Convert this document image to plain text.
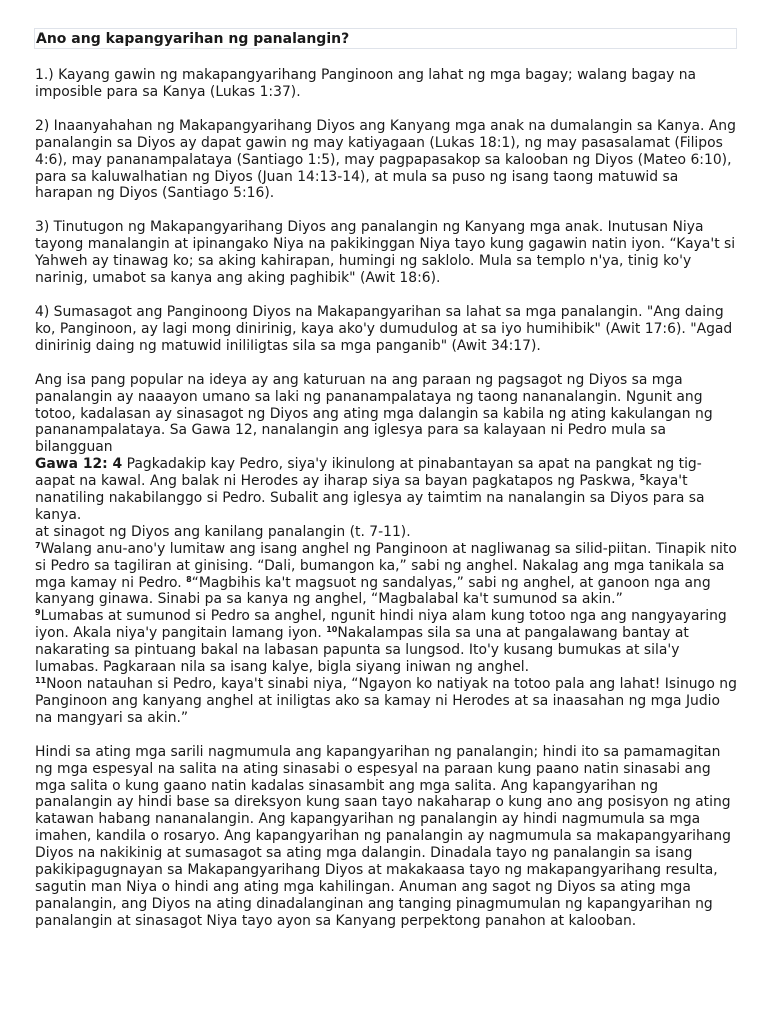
Ano ang kapangyarihan ng panalangin?

1.) Kayang gawin ng makapangyarihang Panginoon ang lahat ng mga bagay; walang bagay na imposible para sa Kanya (Lukas 1:37).

2) Inaanyahahan ng Makapangyarihang Diyos ang Kanyang mga anak na dumalangin sa Kanya. Ang panalangin sa Diyos ay dapat gawin ng may katiyagaan (Lukas 18:1), ng may pasasalamat (Filipos 4:6), may pananampalataya (Santiago 1:5), may pagpapasakop sa kalooban ng Diyos (Mateo 6:10), para sa kaluwalhatian ng Diyos (Juan 14:13-14), at mula sa puso ng isang taong matuwid sa harapan ng Diyos (Santiago 5:16).

3) Tinutugon ng Makapangyarihang Diyos ang panalangin ng Kanyang mga anak. Inutusan Niya tayong manalangin at ipinangako Niya na pakikinggan Niya tayo kung gagawin natin iyon. “Kaya't si Yahweh ay tinawag ko; sa aking kahirapan, humingi ng saklolo. Mula sa templo n'ya, tinig ko'y narinig, umabot sa kanya ang aking paghibik" (Awit 18:6).

4) Sumasagot ang Panginoong Diyos na Makapangyarihan sa lahat sa mga panalangin. "Ang daing ko, Panginoon, ay lagi mong dinirinig, kaya ako'y dumudulog at sa iyo humihibik" (Awit 17:6). "Agad dinirinig daing ng matuwid iniliIigtas sila sa mga panganib" (Awit 34:17).

Ang isa pang popular na ideya ay ang katuruan na ang paraan ng pagsagot ng Diyos sa mga panalangin ay naaayon umano sa laki ng pananampalataya ng taong nananalangin. Ngunit ang totoo, kadalasan ay sinasagot ng Diyos ang ating mga dalangin sa kabila ng ating kakulangan ng pananampalataya. Sa Gawa 12, nanalangin ang iglesya para sa kalayaan ni Pedro mula sa bilangguan

Gawa 12: 4 Pagkadakip kay Pedro, siya'y ikinulong at pinabantayan sa apat na pangkat ng tig-aapat na kawal. Ang balak ni Herodes ay iharap siya sa bayan pagkatapos ng Paskwa, $^5$kaya't nanatiling nakabilanggo si Pedro. Subalit ang iglesya ay taimtim na nanalangin sa Diyos para sa kanya.
at sinagot ng Diyos ang kanilang panalangin (t. 7-11).
$^7$Walang anu-ano'y lumitaw ang isang anghel ng Panginoon at nagliwanag sa silid-piitan. Tinapik nito si Pedro sa tagiliran at ginising. “Dali, bumangon ka,” sabi ng anghel. Nakalag ang mga tanikala sa mga kamay ni Pedro. $^8$“Magbihis ka't magsuot ng sandalyas,” sabi ng anghel, at ganoon nga ang kanyang ginawa. Sinabi pa sa kanya ng anghel, “Magbalabal ka't sumunod sa akin.”
$^9$Lumabas at sumunod si Pedro sa anghel, ngunit hindi niya alam kung totoo nga ang nangyayaring iyon. Akala niya'y pangitain lamang iyon. $^{10}$Nakalampas sila sa una at pangalawang bantay at nakarating sa pintuang bakal na labasan papunta sa lungsod. Ito'y kusang bumukas at sila'y lumabas. Pagkaraan nila sa isang kalye, bigla siyang iniwan ng anghel.
$^{11}$Noon natauhan si Pedro, kaya't sinabi niya, “Ngayon ko natiyak na totoo pala ang lahat! Isinugo ng Panginoon ang kanyang anghel at iniligtas ako sa kamay ni Herodes at sa inaasahan ng mga Judio na mangyari sa akin.”

Hindi sa ating mga sarili nagmumula ang kapangyarihan ng panalangin; hindi ito sa pamamagitan ng mga espesyal na salita na ating sinasabi o espesyal na paraan kung paano natin sinasabi ang mga salita o kung gaano natin kadalas sinasambit ang mga salita. Ang kapangyarihan ng panalangin ay hindi base sa direksyon kung saan tayo nakaharap o kung ano ang posisyon ng ating katawan habang nananalangin. Ang kapangyarihan ng panalangin ay hindi nagmumula sa mga imahen, kandila o rosaryo. Ang kapangyarihan ng panalangin ay nagmumula sa makapangyarihang Diyos na nakikinig at sumasagot sa ating mga dalangin. Dinadala tayo ng panalangin sa isang pakikipagugnayan sa Makapangyarihang Diyos at makakaasa tayo ng makapangyarihang resulta, sagutin man Niya o hindi ang ating mga kahilingan. Anuman ang sagot ng Diyos sa ating mga panalangin, ang Diyos na ating dinadalanginan ang tanging pinagmumulan ng kapangyarihan ng panalangin at sinasagot Niya tayo ayon sa Kanyang perpektong panahon at kalooban.
